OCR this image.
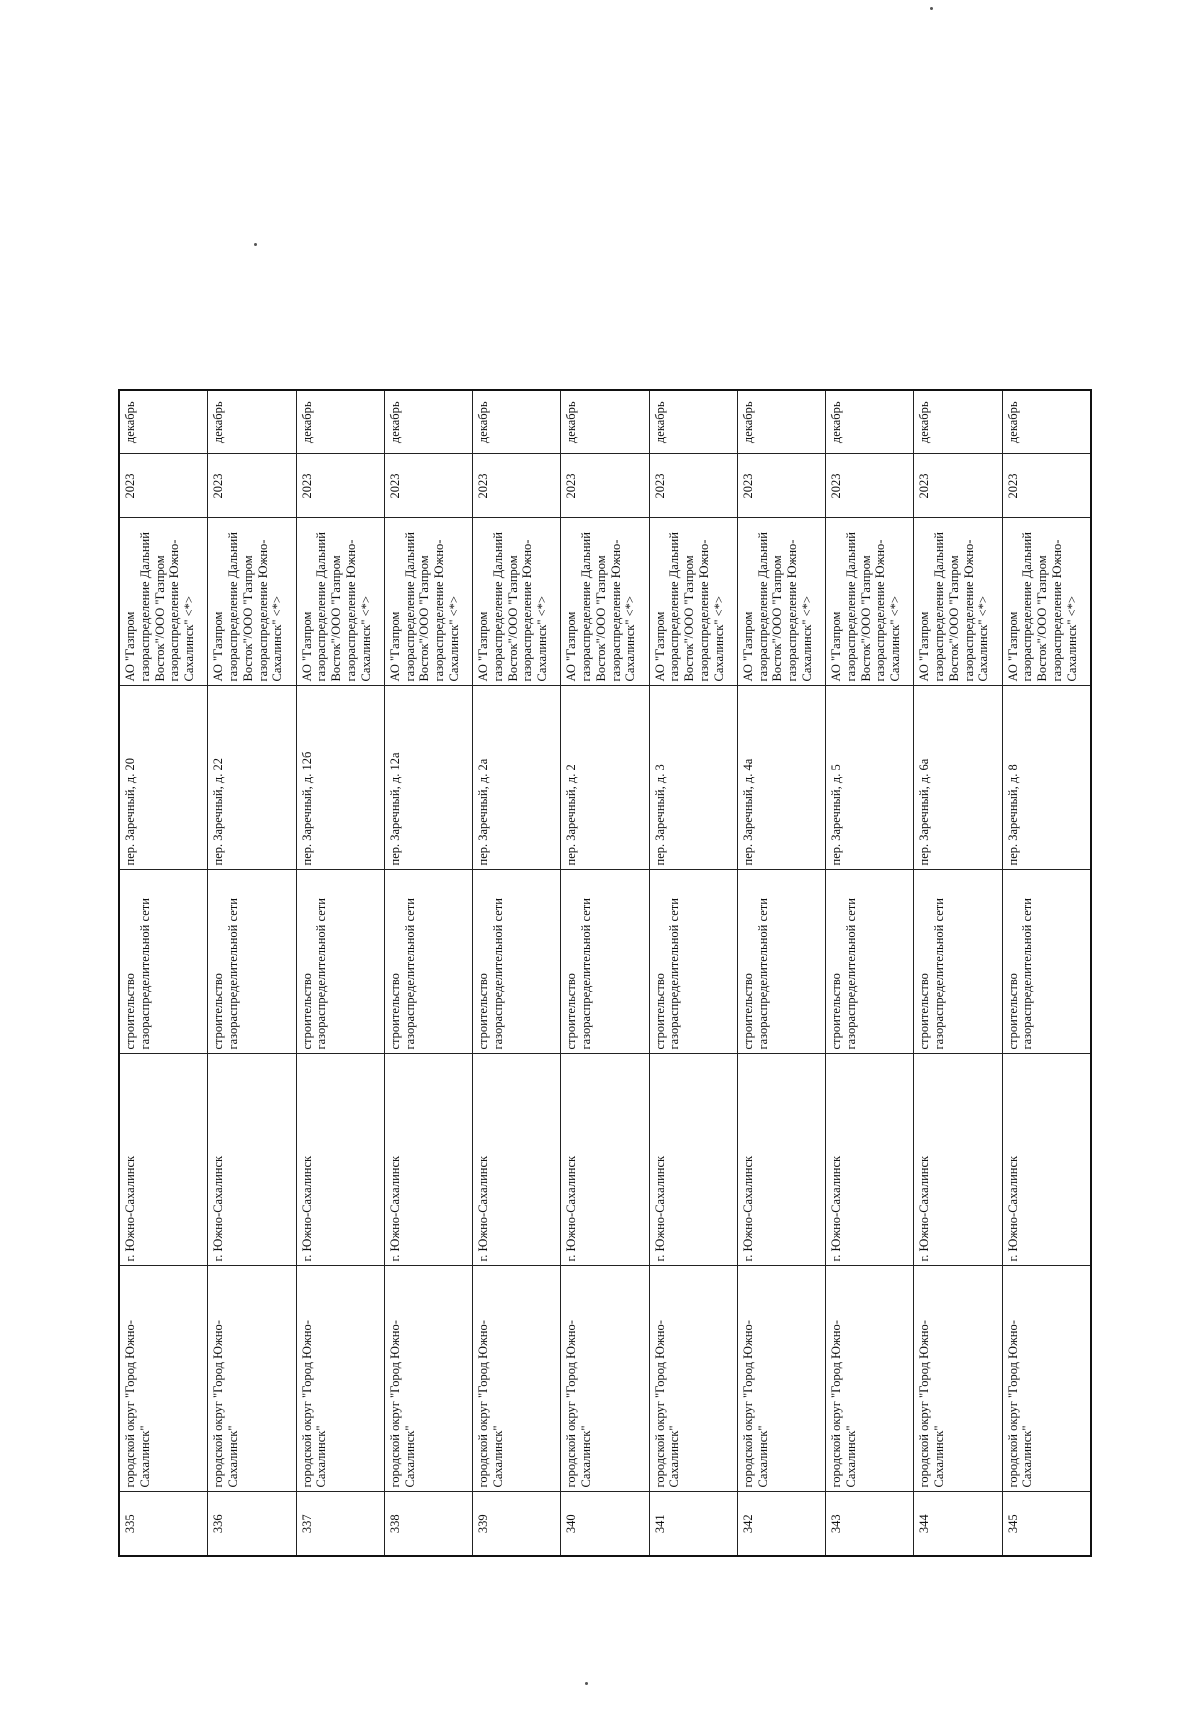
335	городской округ "Город Южно-Сахалинск"	г. Южно-Сахалинск	строительство газораспределительной сети	пер. Заречный, д. 20	АО "Газпром газораспределение Дальний Восток"/ООО "Газпром газораспределение Южно-Сахалинск" <*>	2023	декабрь
336	городской округ "Город Южно-Сахалинск"	г. Южно-Сахалинск	строительство газораспределительной сети	пер. Заречный, д. 22	АО "Газпром газораспределение Дальний Восток"/ООО "Газпром газораспределение Южно-Сахалинск" <*>	2023	декабрь
337	городской округ "Город Южно-Сахалинск"	г. Южно-Сахалинск	строительство газораспределительной сети	пер. Заречный, д. 12б	АО "Газпром газораспределение Дальний Восток"/ООО "Газпром газораспределение Южно-Сахалинск" <*>	2023	декабрь
338	городской округ "Город Южно-Сахалинск"	г. Южно-Сахалинск	строительство газораспределительной сети	пер. Заречный, д. 12а	АО "Газпром газораспределение Дальний Восток"/ООО "Газпром газораспределение Южно-Сахалинск" <*>	2023	декабрь
339	городской округ "Город Южно-Сахалинск"	г. Южно-Сахалинск	строительство газораспределительной сети	пер. Заречный, д. 2а	АО "Газпром газораспределение Дальний Восток"/ООО "Газпром газораспределение Южно-Сахалинск" <*>	2023	декабрь
340	городской округ "Город Южно-Сахалинск"	г. Южно-Сахалинск	строительство газораспределительной сети	пер. Заречный, д. 2	АО "Газпром газораспределение Дальний Восток"/ООО "Газпром газораспределение Южно-Сахалинск" <*>	2023	декабрь
341	городской округ "Город Южно-Сахалинск"	г. Южно-Сахалинск	строительство газораспределительной сети	пер. Заречный, д. 3	АО "Газпром газораспределение Дальний Восток"/ООО "Газпром газораспределение Южно-Сахалинск" <*>	2023	декабрь
342	городской округ "Город Южно-Сахалинск"	г. Южно-Сахалинск	строительство газораспределительной сети	пер. Заречный, д. 4а	АО "Газпром газораспределение Дальний Восток"/ООО "Газпром газораспределение Южно-Сахалинск" <*>	2023	декабрь
343	городской округ "Город Южно-Сахалинск"	г. Южно-Сахалинск	строительство газораспределительной сети	пер. Заречный, д. 5	АО "Газпром газораспределение Дальний Восток"/ООО "Газпром газораспределение Южно-Сахалинск" <*>	2023	декабрь
344	городской округ "Город Южно-Сахалинск"	г. Южно-Сахалинск	строительство газораспределительной сети	пер. Заречный, д. 6а	АО "Газпром газораспределение Дальний Восток"/ООО "Газпром газораспределение Южно-Сахалинск" <*>	2023	декабрь
345	городской округ "Город Южно-Сахалинск"	г. Южно-Сахалинск	строительство газораспределительной сети	пер. Заречный, д. 8	АО "Газпром газораспределение Дальний Восток"/ООО "Газпром газораспределение Южно-Сахалинск" <*>	2023	декабрь
